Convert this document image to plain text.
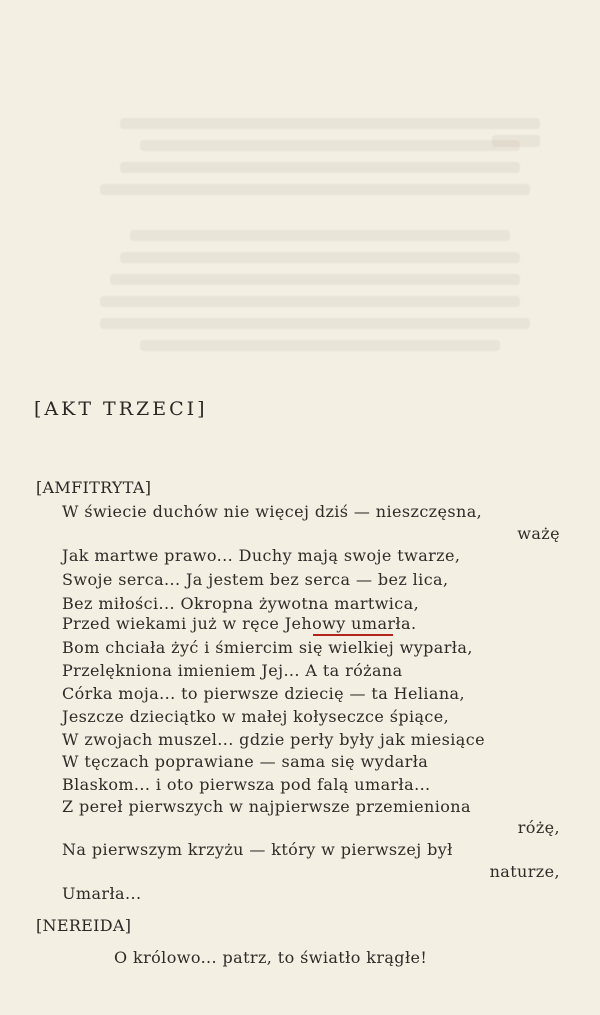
[AKT TRZECI]
[AMFITRYTA]
W świecie duchów nie więcej dziś — nieszczęsna,
ważę
Jak martwe prawo... Duchy mają swoje twarze,
Swoje serca... Ja jestem bez serca — bez lica,
Bez miłości... Okropna żywotna martwica,
Przed wiekami już w ręce Jehowy umarła.
Bom chciała żyć i śmiercim się wielkiej wyparła,
Przelękniona imieniem Jej... A ta różana
Córka moja... to pierwsze dziecię — ta Heliana,
Jeszcze dzieciątko w małej kołyseczce śpiące,
W zwojach muszel... gdzie perły były jak miesiące
W tęczach poprawiane — sama się wydarła
Blaskom... i oto pierwsza pod falą umarła...
Z pereł pierwszych w najpierwsze przemieniona
różę,
Na pierwszym krzyżu — który w pierwszej był
naturze,
Umarła...
[NEREIDA]
O królowo... patrz, to światło krągłe!
